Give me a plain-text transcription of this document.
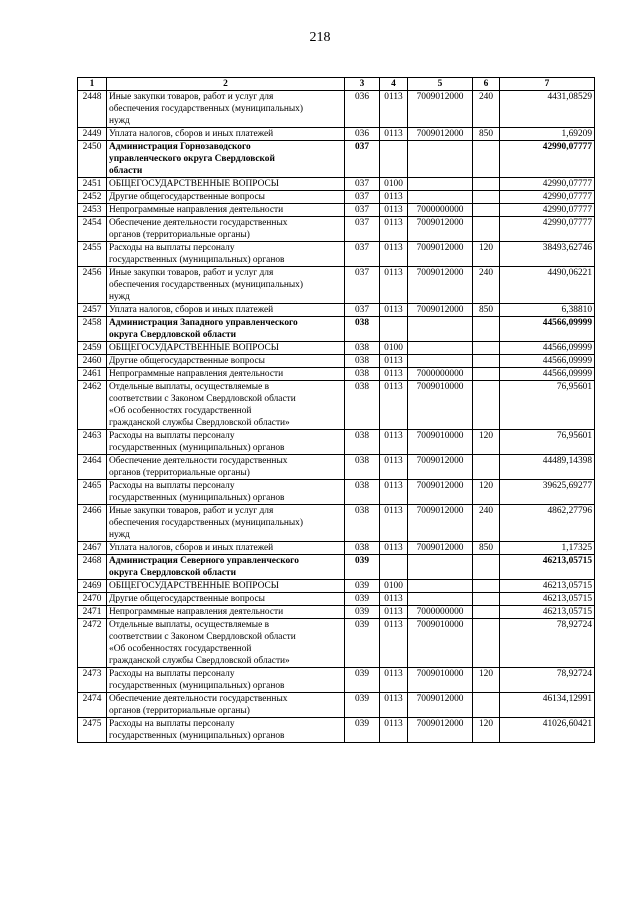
218
1	2	3	4	5	6	7
2448	Иные закупки товаров, работ и услуг для
обеспечения государственных (муниципальных)
нужд	036	0113	7009012000	240	4431,08529
2449	Уплата налогов, сборов и иных платежей	036	0113	7009012000	850	1,69209
2450	Администрация Горнозаводского
управленческого округа Свердловской
области	037				42990,07777
2451	ОБЩЕГОСУДАРСТВЕННЫЕ ВОПРОСЫ	037	0100			42990,07777
2452	Другие общегосударственные вопросы	037	0113			42990,07777
2453	Непрограммные направления деятельности	037	0113	7000000000		42990,07777
2454	Обеспечение деятельности государственных
органов (территориальные органы)	037	0113	7009012000		42990,07777
2455	Расходы на выплаты персоналу
государственных (муниципальных) органов	037	0113	7009012000	120	38493,62746
2456	Иные закупки товаров, работ и услуг для
обеспечения государственных (муниципальных)
нужд	037	0113	7009012000	240	4490,06221
2457	Уплата налогов, сборов и иных платежей	037	0113	7009012000	850	6,38810
2458	Администрация Западного управленческого
округа Свердловской области	038				44566,09999
2459	ОБЩЕГОСУДАРСТВЕННЫЕ ВОПРОСЫ	038	0100			44566,09999
2460	Другие общегосударственные вопросы	038	0113			44566,09999
2461	Непрограммные направления деятельности	038	0113	7000000000		44566,09999
2462	Отдельные выплаты, осуществляемые в
соответствии с Законом Свердловской области
«Об особенностях государственной
гражданской службы Свердловской области»	038	0113	7009010000		76,95601
2463	Расходы на выплаты персоналу
государственных (муниципальных) органов	038	0113	7009010000	120	76,95601
2464	Обеспечение деятельности государственных
органов (территориальные органы)	038	0113	7009012000		44489,14398
2465	Расходы на выплаты персоналу
государственных (муниципальных) органов	038	0113	7009012000	120	39625,69277
2466	Иные закупки товаров, работ и услуг для
обеспечения государственных (муниципальных)
нужд	038	0113	7009012000	240	4862,27796
2467	Уплата налогов, сборов и иных платежей	038	0113	7009012000	850	1,17325
2468	Администрация Северного управленческого
округа Свердловской области	039				46213,05715
2469	ОБЩЕГОСУДАРСТВЕННЫЕ ВОПРОСЫ	039	0100			46213,05715
2470	Другие общегосударственные вопросы	039	0113			46213,05715
2471	Непрограммные направления деятельности	039	0113	7000000000		46213,05715
2472	Отдельные выплаты, осуществляемые в
соответствии с Законом Свердловской области
«Об особенностях государственной
гражданской службы Свердловской области»	039	0113	7009010000		78,92724
2473	Расходы на выплаты персоналу
государственных (муниципальных) органов	039	0113	7009010000	120	78,92724
2474	Обеспечение деятельности государственных
органов (территориальные органы)	039	0113	7009012000		46134,12991
2475	Расходы на выплаты персоналу
государственных (муниципальных) органов	039	0113	7009012000	120	41026,60421
